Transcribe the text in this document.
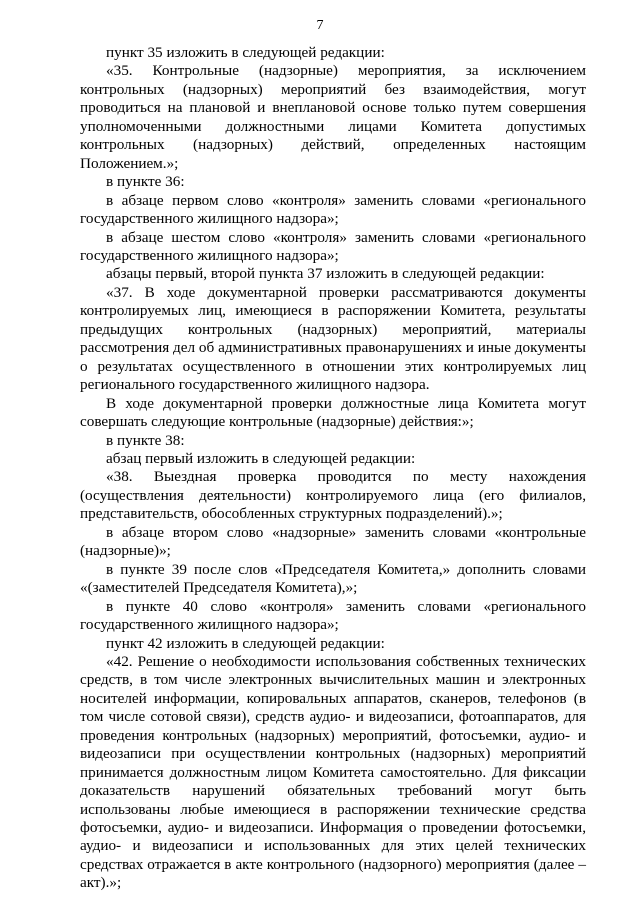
7

пункт 35 изложить в следующей редакции:

«35. Контрольные (надзорные) мероприятия, за исключением контрольных (надзорных) мероприятий без взаимодействия, могут проводиться на плановой и внеплановой основе только путем совершения уполномоченными должностными лицами Комитета допустимых контрольных (надзорных) действий, определенных настоящим Положением.»;

в пункте 36:

в абзаце первом слово «контроля» заменить словами «регионального государственного жилищного надзора»;

в абзаце шестом слово «контроля» заменить словами «регионального государственного жилищного надзора»;

абзацы первый, второй пункта 37 изложить в следующей редакции:

«37. В ходе документарной проверки рассматриваются документы контролируемых лиц, имеющиеся в распоряжении Комитета, результаты предыдущих контрольных (надзорных) мероприятий, материалы рассмотрения дел об административных правонарушениях и иные документы о результатах осуществленного в отношении этих контролируемых лиц регионального государственного жилищного надзора.

В ходе документарной проверки должностные лица Комитета могут совершать следующие контрольные (надзорные) действия:»;

в пункте 38:

абзац первый изложить в следующей редакции:

«38. Выездная проверка проводится по месту нахождения (осуществления деятельности) контролируемого лица (его филиалов, представительств, обособленных структурных подразделений).»;

в абзаце втором слово «надзорные» заменить словами «контрольные (надзорные)»;

в пункте 39 после слов «Председателя Комитета,» дополнить словами «(заместителей Председателя Комитета),»;

в пункте 40 слово «контроля» заменить словами «регионального государственного жилищного надзора»;

пункт 42 изложить в следующей редакции:

«42. Решение о необходимости использования собственных технических средств, в том числе электронных вычислительных машин и электронных носителей информации, копировальных аппаратов, сканеров, телефонов (в том числе сотовой связи), средств аудио- и видеозаписи, фотоаппаратов, для проведения контрольных (надзорных) мероприятий, фотосъемки, аудио- и видеозаписи при осуществлении контрольных (надзорных) мероприятий принимается должностным лицом Комитета самостоятельно. Для фиксации доказательств нарушений обязательных требований могут быть использованы любые имеющиеся в распоряжении технические средства фотосъемки, аудио- и видеозаписи. Информация о проведении фотосъемки, аудио- и видеозаписи и использованных для этих целей технических средствах отражается в акте контрольного (надзорного) мероприятия (далее – акт).»;
